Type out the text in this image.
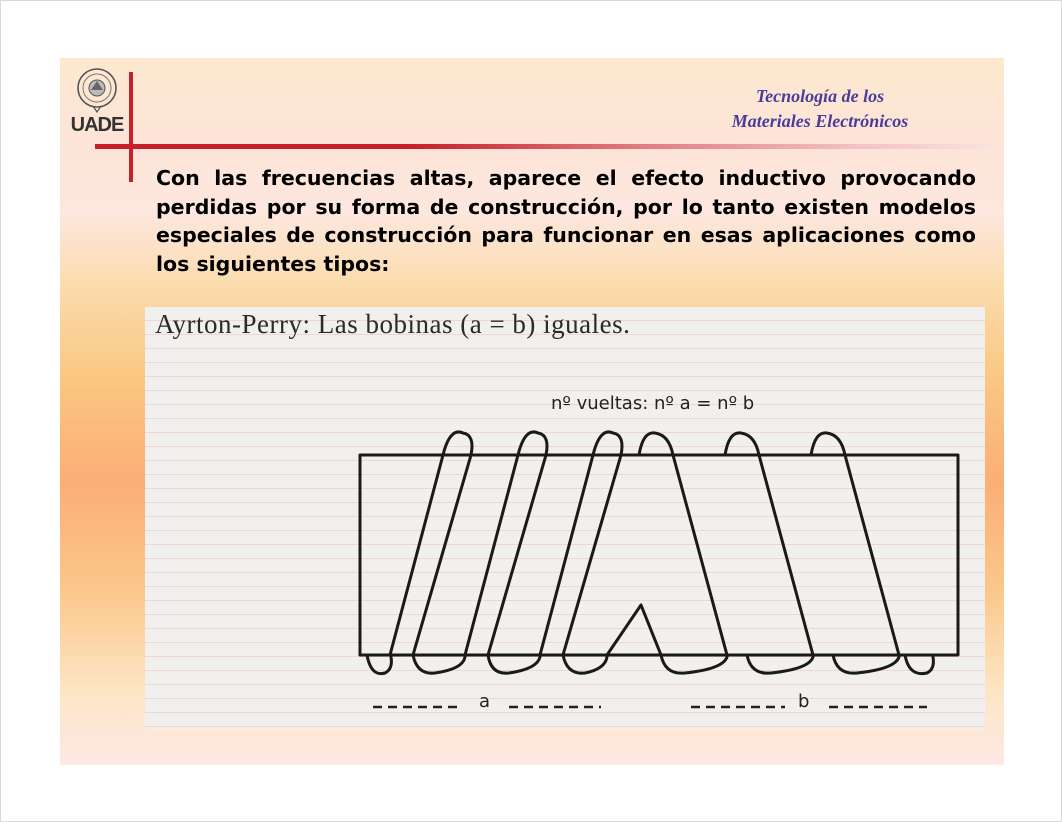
UADE
Tecnología de los
Materiales Electrónicos
Con las frecuencias altas, aparece el efecto inductivo provocando perdidas por su forma de construcción, por lo tanto existen modelos especiales de construcción para funcionar en esas aplicaciones como los siguientes tipos:
Ayrton-Perry: Las bobinas (a = b) iguales.
nº vueltas: nº a = nº b
a	b
